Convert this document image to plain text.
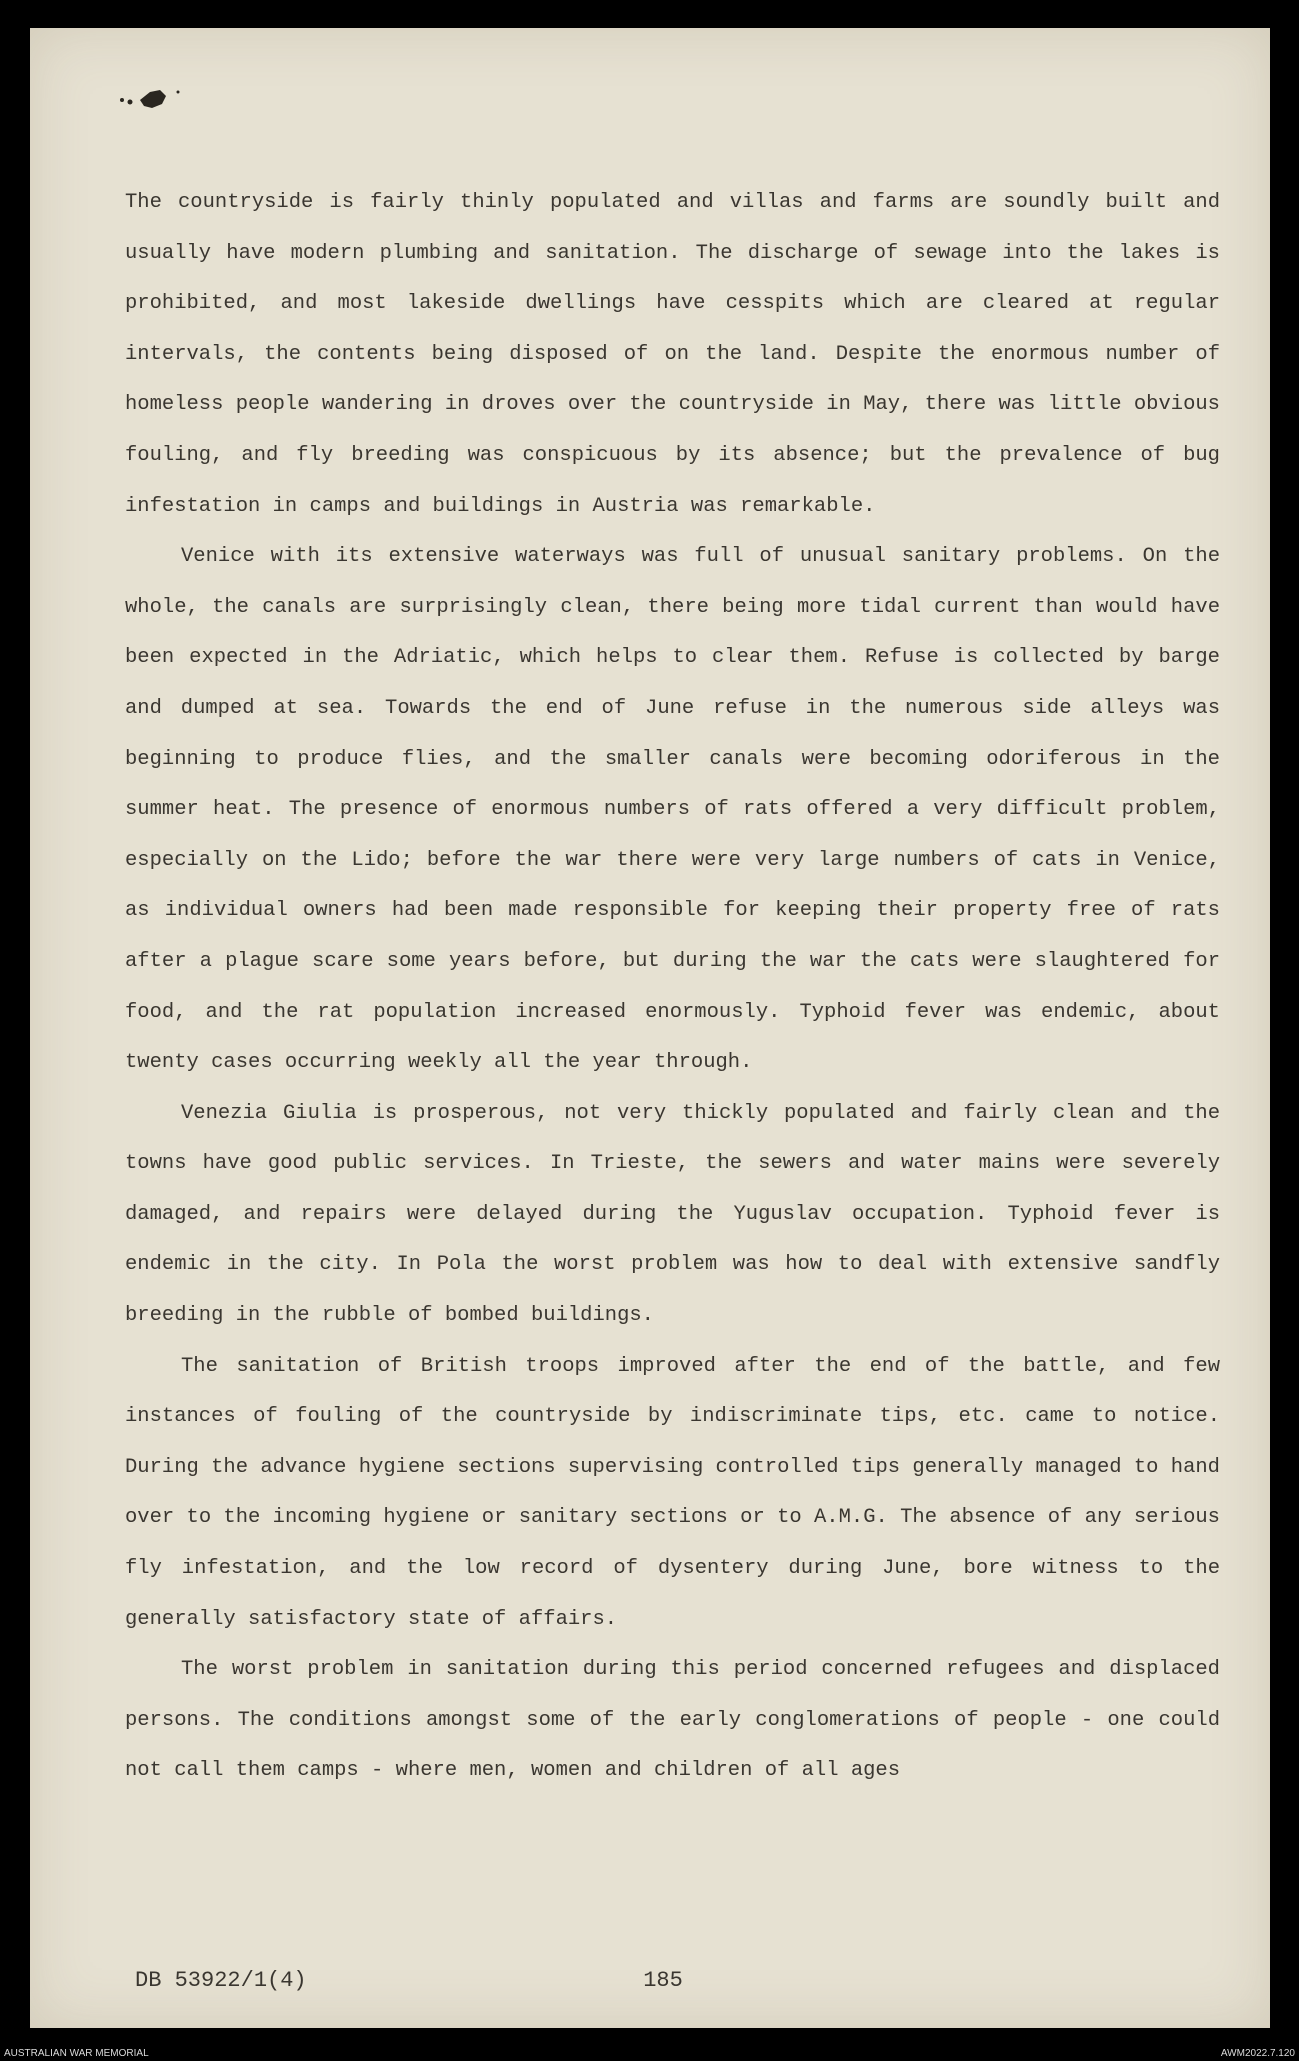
The countryside is fairly thinly populated and villas and farms are soundly built and usually have modern plumbing and sanitation. The discharge of sewage into the lakes is prohibited, and most lakeside dwellings have cesspits which are cleared at regular intervals, the contents being disposed of on the land. Despite the enormous number of homeless people wandering in droves over the countryside in May, there was little obvious fouling, and fly breeding was conspicuous by its absence; but the prevalence of bug infestation in camps and buildings in Austria was remarkable.

Venice with its extensive waterways was full of unusual sanitary problems. On the whole, the canals are surprisingly clean, there being more tidal current than would have been expected in the Adriatic, which helps to clear them. Refuse is collected by barge and dumped at sea. Towards the end of June refuse in the numerous side alleys was beginning to produce flies, and the smaller canals were becoming odoriferous in the summer heat. The presence of enormous numbers of rats offered a very difficult problem, especially on the Lido; before the war there were very large numbers of cats in Venice, as individual owners had been made responsible for keeping their property free of rats after a plague scare some years before, but during the war the cats were slaughtered for food, and the rat population increased enormously. Typhoid fever was endemic, about twenty cases occurring weekly all the year through.

Venezia Giulia is prosperous, not very thickly populated and fairly clean and the towns have good public services. In Trieste, the sewers and water mains were severely damaged, and repairs were delayed during the Yuguslav occupation. Typhoid fever is endemic in the city. In Pola the worst problem was how to deal with extensive sandfly breeding in the rubble of bombed buildings.

The sanitation of British troops improved after the end of the battle, and few instances of fouling of the countryside by indiscriminate tips, etc. came to notice. During the advance hygiene sections supervising controlled tips generally managed to hand over to the incoming hygiene or sanitary sections or to A.M.G. The absence of any serious fly infestation, and the low record of dysentery during June, bore witness to the generally satisfactory state of affairs.

The worst problem in sanitation during this period concerned refugees and displaced persons. The conditions amongst some of the early conglomerations of people - one could not call them camps - where men, women and children of all ages

DB 53922/1(4)	185
AUSTRALIAN WAR MEMORIAL	AWM2022.7.120
